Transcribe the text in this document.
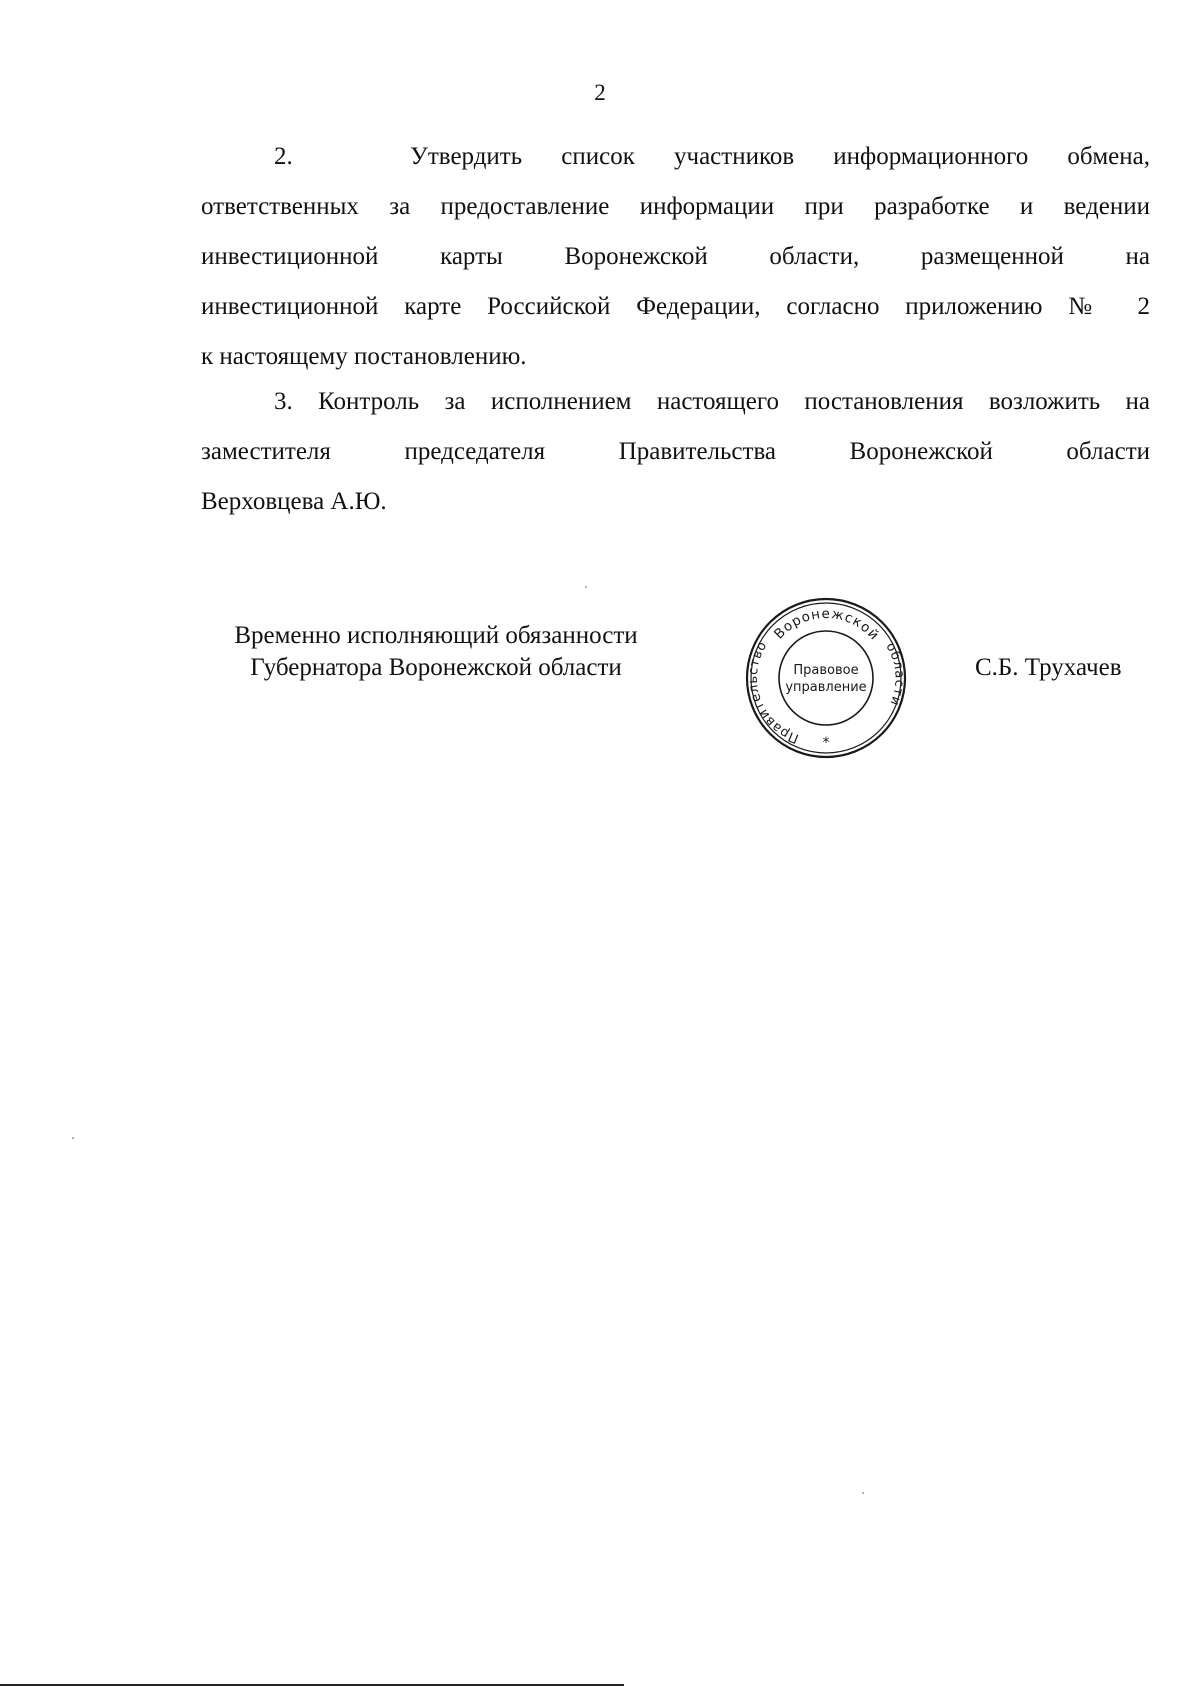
2
2.   Утвердить список участников информационного обмена,
ответственных за предоставление информации при разработке и ведении
инвестиционной карты Воронежской области, размещенной на
инвестиционной карте Российской Федерации, согласно приложению № 2
к настоящему постановлению.
3. Контроль за исполнением настоящего постановления возложить на
заместителя председателя Правительства Воронежской области
Верховцева А.Ю.
Временно исполняющий обязанности
Губернатора Воронежской области
Воронежской
Правительство	области
Правовое
управление
*
С.Б. Трухачев
